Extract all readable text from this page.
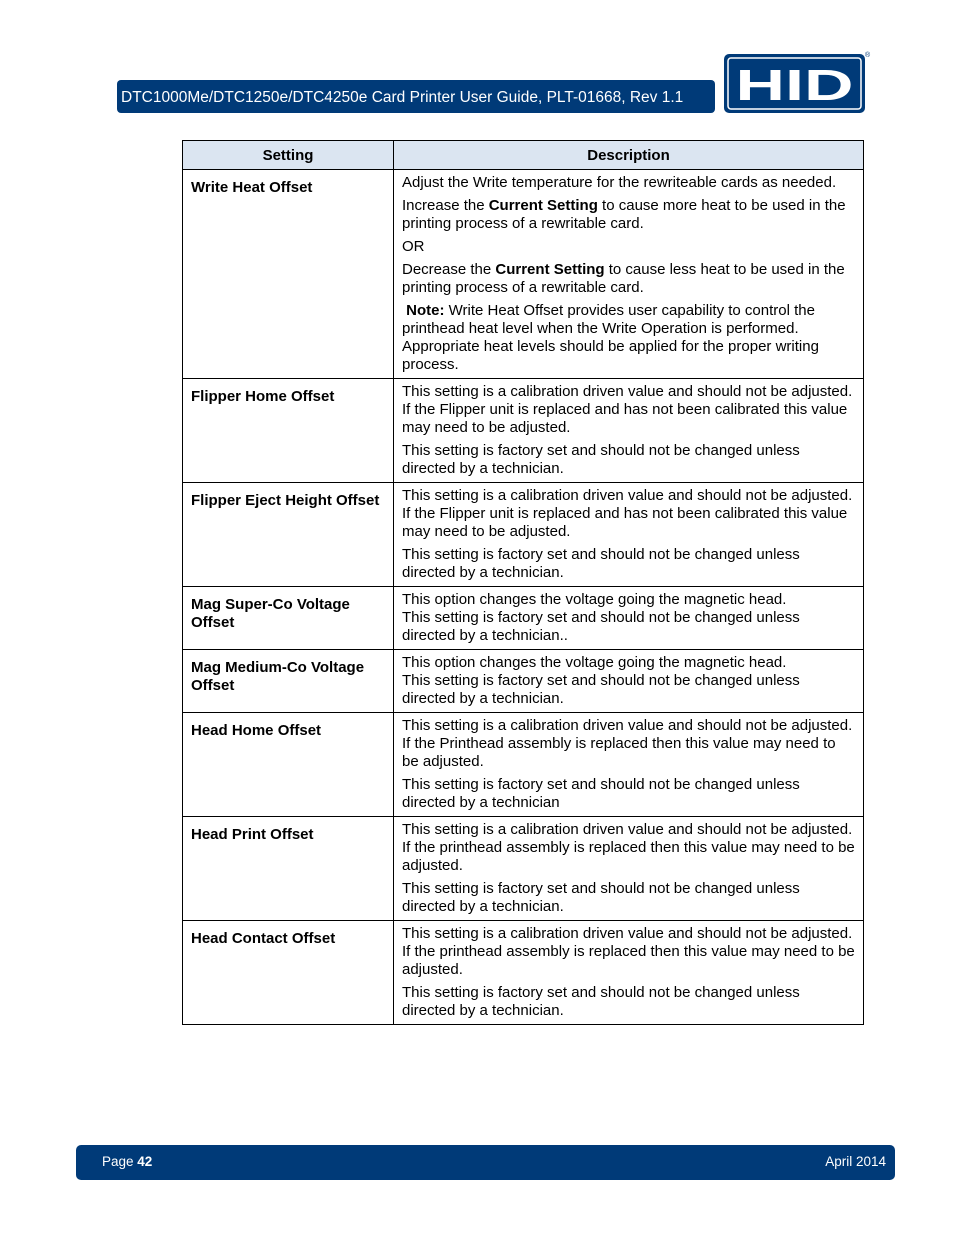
DTC1000Me/DTC1250e/DTC4250e Card Printer User Guide, PLT-01668, Rev 1.1	HID
®
Setting	Description
Write Heat Offset	Adjust the Write temperature for the rewriteable cards as needed.

Increase the Current Setting to cause more heat to be used in the printing process of a rewritable card.

OR

Decrease the Current Setting to cause less heat to be used in the printing process of a rewritable card.

Note: Write Heat Offset provides user capability to control the printhead heat level when the Write Operation is performed. Appropriate heat levels should be applied for the proper writing process.

Flipper Home Offset	This setting is a calibration driven value and should not be adjusted. If the Flipper unit is replaced and has not been calibrated this value may need to be adjusted.

This setting is factory set and should not be changed unless directed by a technician.

Flipper Eject Height Offset	This setting is a calibration driven value and should not be adjusted. If the Flipper unit is replaced and has not been calibrated this value may need to be adjusted.

This setting is factory set and should not be changed unless directed by a technician.

Mag Super-Co Voltage Offset	This option changes the voltage going the magnetic head.

This setting is factory set and should not be changed unless directed by a technician..

Mag Medium-Co Voltage Offset	This option changes the voltage going the magnetic head.

This setting is factory set and should not be changed unless directed by a technician.

Head Home Offset	This setting is a calibration driven value and should not be adjusted. If the Printhead assembly is replaced then this value may need to be adjusted.

This setting is factory set and should not be changed unless directed by a technician

Head Print Offset	This setting is a calibration driven value and should not be adjusted. If the printhead assembly is replaced then this value may need to be adjusted.

This setting is factory set and should not be changed unless directed by a technician.

Head Contact Offset	This setting is a calibration driven value and should not be adjusted. If the printhead assembly is replaced then this value may need to be adjusted.

This setting is factory set and should not be changed unless directed by a technician.

Page 42	April 2014
